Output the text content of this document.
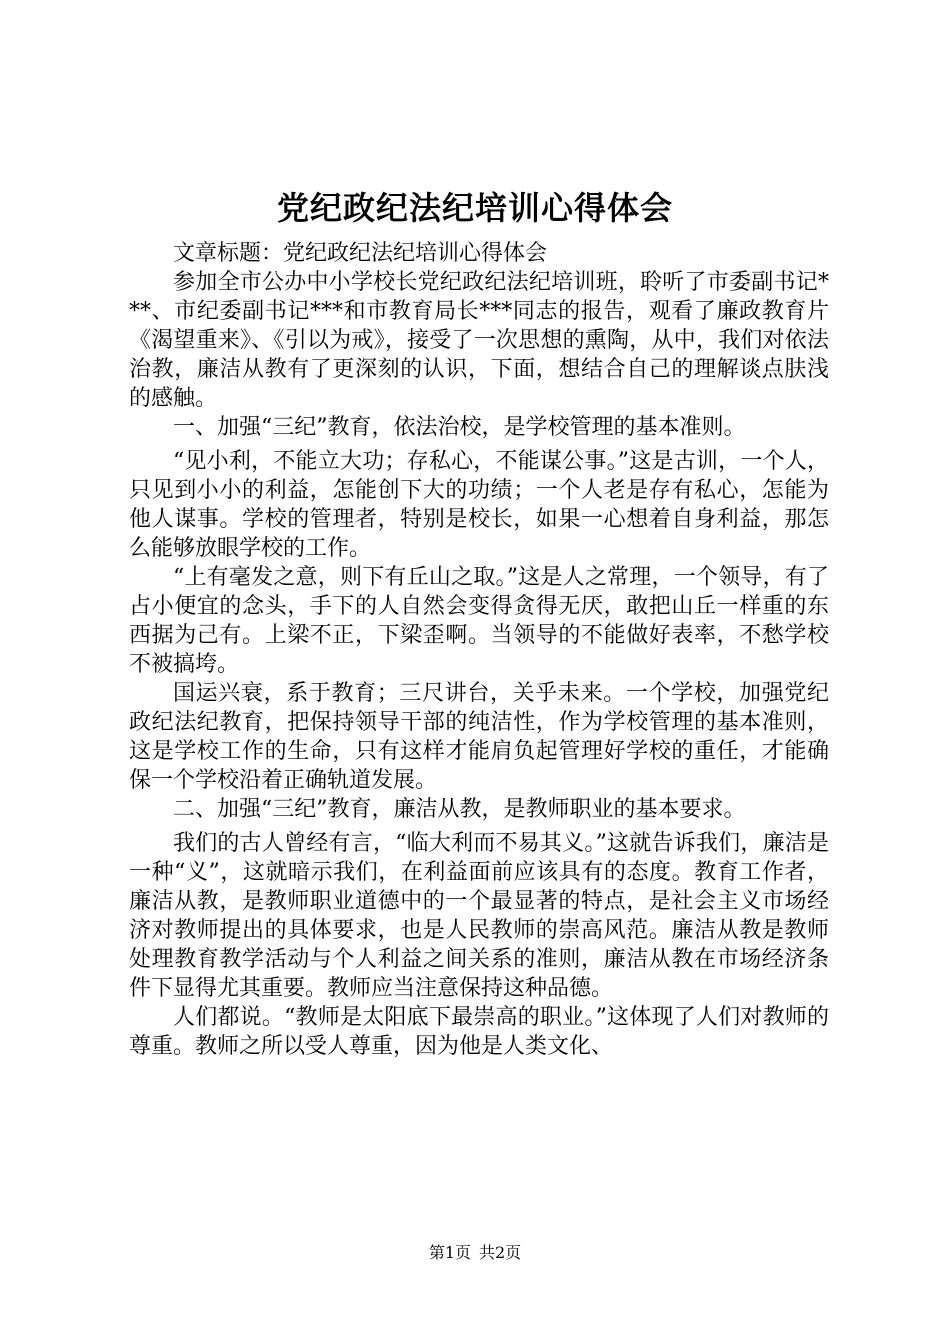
党纪政纪法纪培训心得体会

文章标题：党纪政纪法纪培训心得体会

参加全市公办中小学校长党纪政纪法纪培训班，聆听了市委副书记***、市纪委副书记***和市教育局长***同志的报告，观看了廉政教育片《渴望重来》、《引以为戒》，接受了一次思想的熏陶，从中，我们对依法治教，廉洁从教有了更深刻的认识，下面，想结合自己的理解谈点肤浅的感触。

一、加强“三纪”教育，依法治校，是学校管理的基本准则。

“见小利，不能立大功；存私心，不能谋公事。”这是古训，一个人，只见到小小的利益，怎能创下大的功绩；一个人老是存有私心，怎能为他人谋事。学校的管理者，特别是校长，如果一心想着自身利益，那怎么能够放眼学校的工作。

“上有毫发之意，则下有丘山之取。”这是人之常理，一个领导，有了占小便宜的念头，手下的人自然会变得贪得无厌，敢把山丘一样重的东西据为己有。上梁不正，下梁歪啊。当领导的不能做好表率，不愁学校不被搞垮。

国运兴衰，系于教育；三尺讲台，关乎未来。一个学校，加强党纪政纪法纪教育，把保持领导干部的纯洁性，作为学校管理的基本准则，这是学校工作的生命，只有这样才能肩负起管理好学校的重任，才能确保一个学校沿着正确轨道发展。

二、加强“三纪”教育，廉洁从教，是教师职业的基本要求。

我们的古人曾经有言，“临大利而不易其义。”这就告诉我们，廉洁是一种“义”，这就暗示我们，在利益面前应该具有的态度。教育工作者，廉洁从教，是教师职业道德中的一个最显著的特点，是社会主义市场经济对教师提出的具体要求，也是人民教师的崇高风范。廉洁从教是教师处理教育教学活动与个人利益之间关系的准则，廉洁从教在市场经济条件下显得尤其重要。教师应当注意保持这种品德。

人们都说。“教师是太阳底下最崇高的职业。”这体现了人们对教师的尊重。教师之所以受人尊重，因为他是人类文化、

第1页 共2页
